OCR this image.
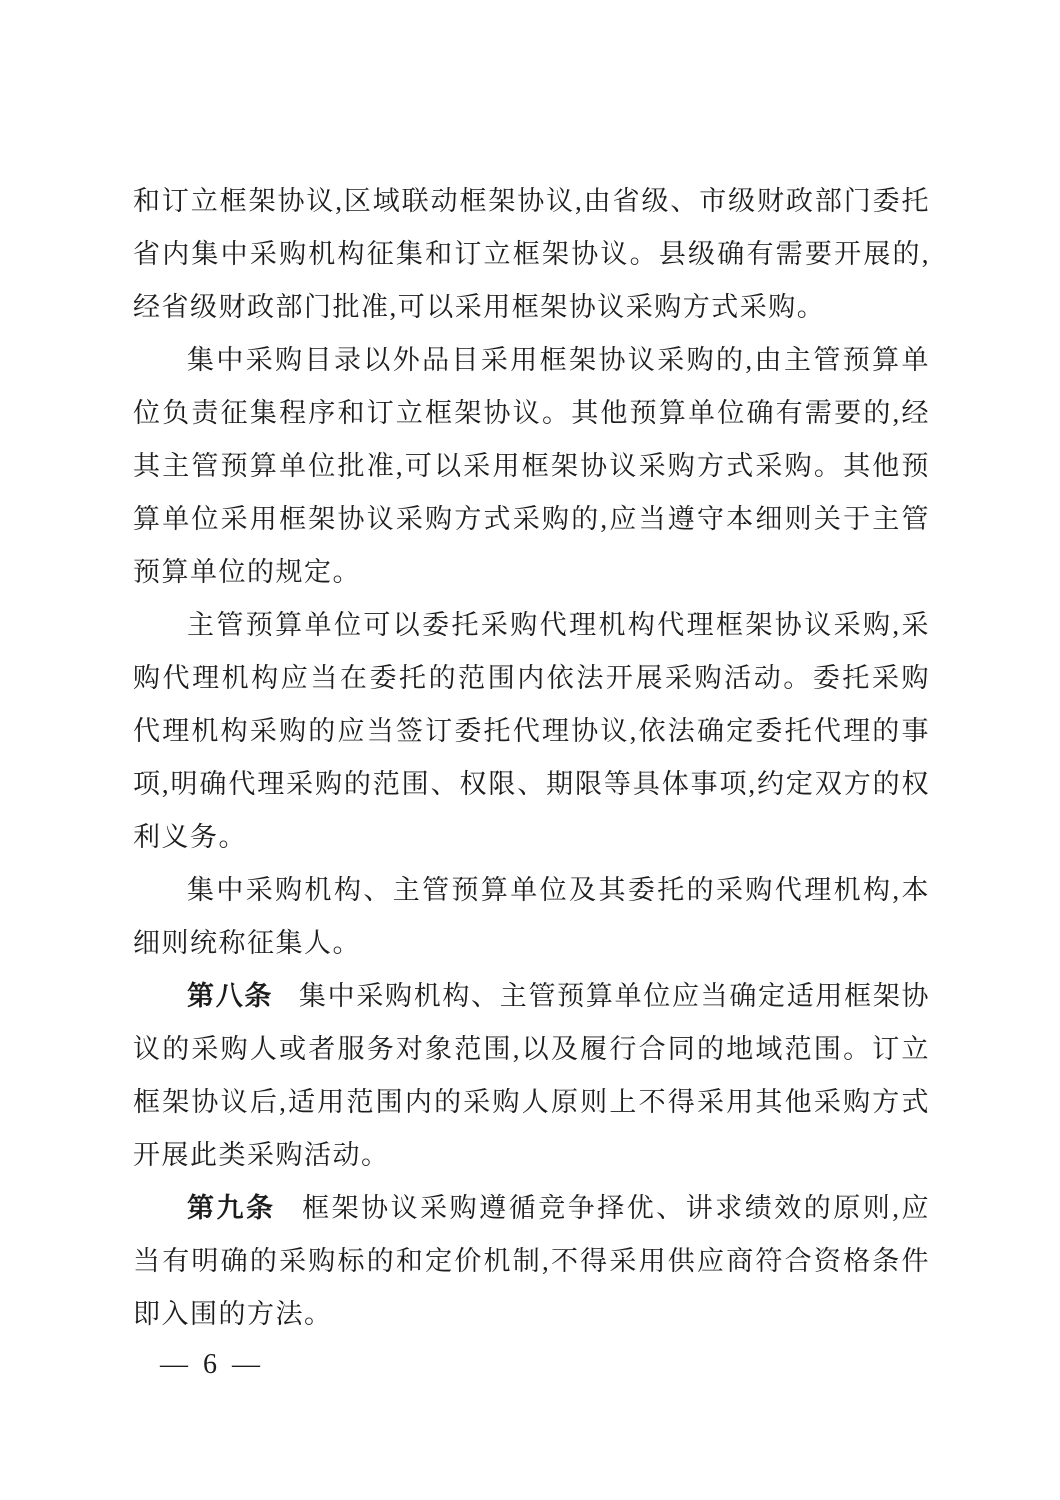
和订立框架协议,区域联动框架协议,由省级、市级财政部门委托
省内集中采购机构征集和订立框架协议。县级确有需要开展的,
经省级财政部门批准,可以采用框架协议采购方式采购。
集中采购目录以外品目采用框架协议采购的,由主管预算单
位负责征集程序和订立框架协议。其他预算单位确有需要的,经
其主管预算单位批准,可以采用框架协议采购方式采购。其他预
算单位采用框架协议采购方式采购的,应当遵守本细则关于主管
预算单位的规定。
主管预算单位可以委托采购代理机构代理框架协议采购,采
购代理机构应当在委托的范围内依法开展采购活动。委托采购
代理机构采购的应当签订委托代理协议,依法确定委托代理的事
项,明确代理采购的范围、权限、期限等具体事项,约定双方的权
利义务。
集中采购机构、主管预算单位及其委托的采购代理机构,本
细则统称征集人。
第八条 集中采购机构、主管预算单位应当确定适用框架协
议的采购人或者服务对象范围,以及履行合同的地域范围。订立
框架协议后,适用范围内的采购人原则上不得采用其他采购方式
开展此类采购活动。
第九条 框架协议采购遵循竞争择优、讲求绩效的原则,应
当有明确的采购标的和定价机制,不得采用供应商符合资格条件
即入围的方法。
— 6 —
